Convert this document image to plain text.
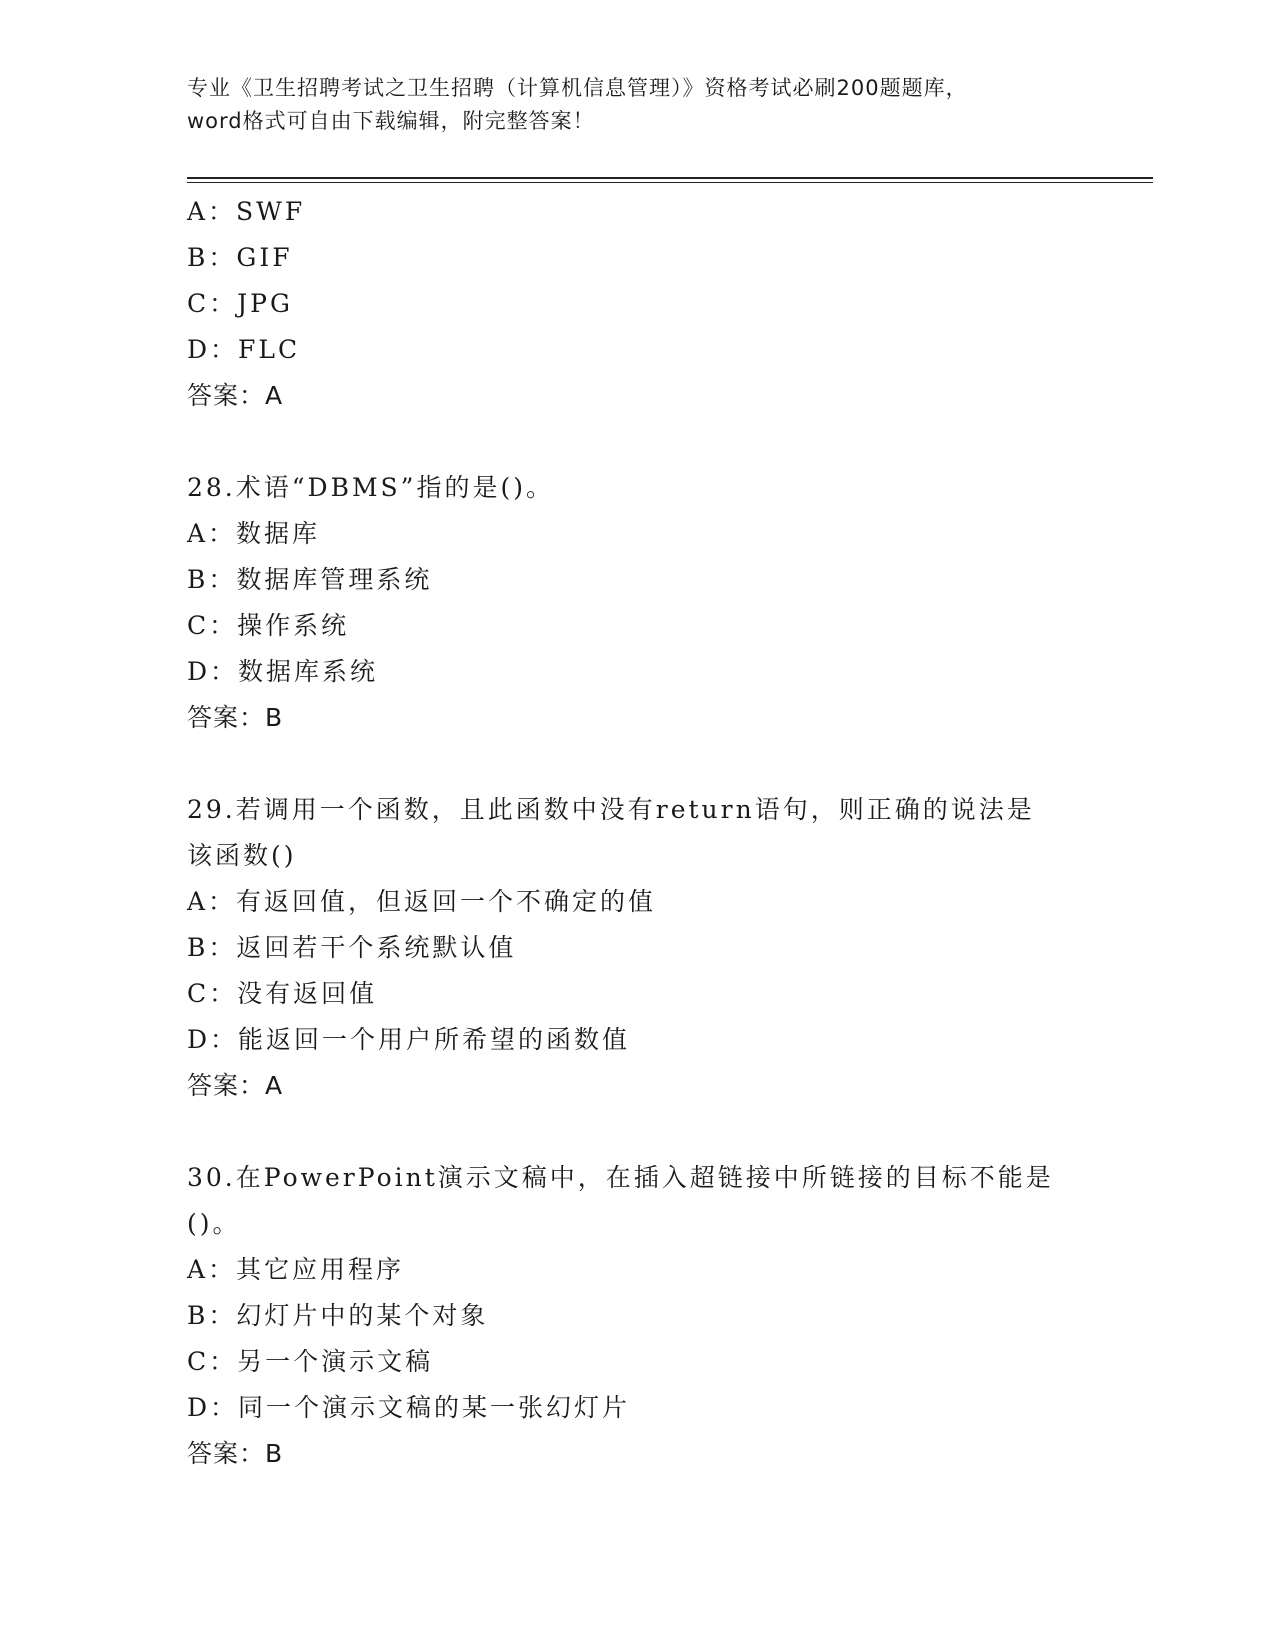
专业《卫生招聘考试之卫生招聘（计算机信息管理）》资格考试必刷200题题库，
word格式可自由下载编辑，附完整答案！
A：SWF
B：GIF
C：JPG
D：FLC
答案：A
28.术语“DBMS”指的是()。
A：数据库
B：数据库管理系统
C：操作系统
D：数据库系统
答案：B
29.若调用一个函数，且此函数中没有return语句，则正确的说法是
该函数()
A：有返回值，但返回一个不确定的值
B：返回若干个系统默认值
C：没有返回值
D：能返回一个用户所希望的函数值
答案：A
30.在PowerPoint演示文稿中，在插入超链接中所链接的目标不能是
()。
A：其它应用程序
B：幻灯片中的某个对象
C：另一个演示文稿
D：同一个演示文稿的某一张幻灯片
答案：B
